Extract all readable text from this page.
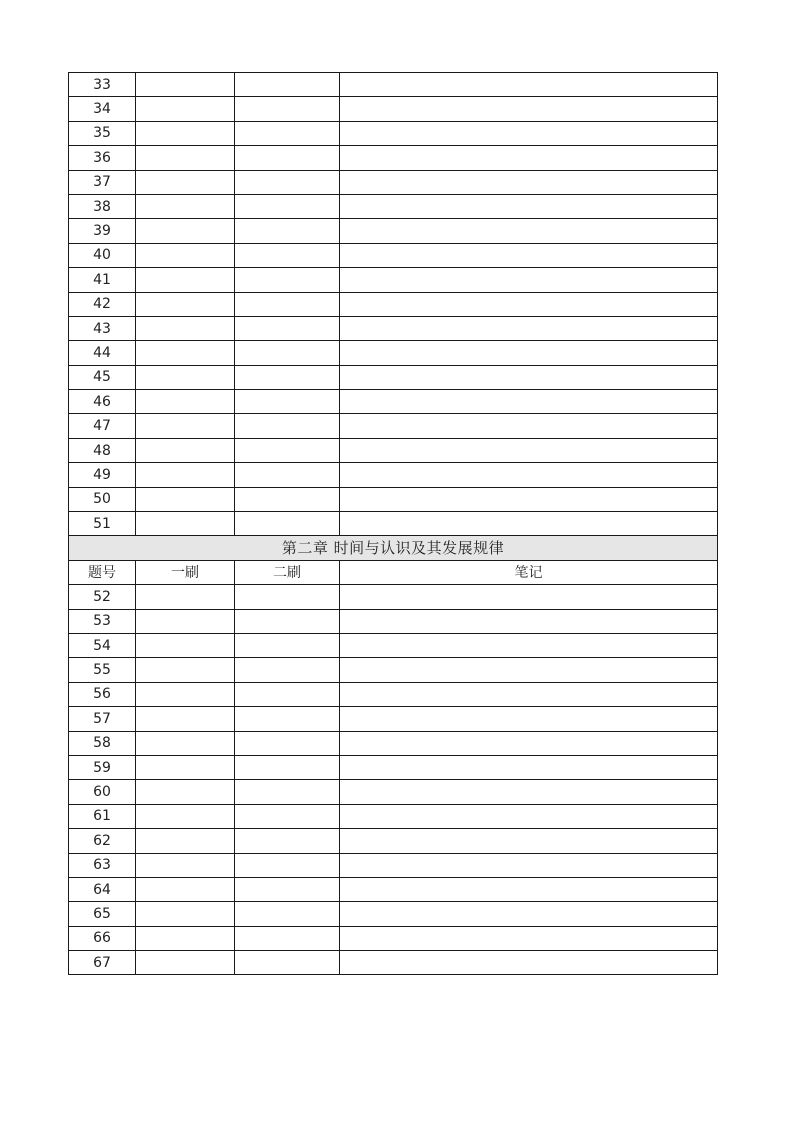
33			
34			
35			
36			
37			
38			
39			
40			
41			
42			
43			
44			
45			
46			
47			
48			
49			
50			
51			
第二章 时间与认识及其发展规律			
题号	一刷	二刷	笔记
52			
53			
54			
55			
56			
57			
58			
59			
60			
61			
62			
63			
64			
65			
66			
67			
